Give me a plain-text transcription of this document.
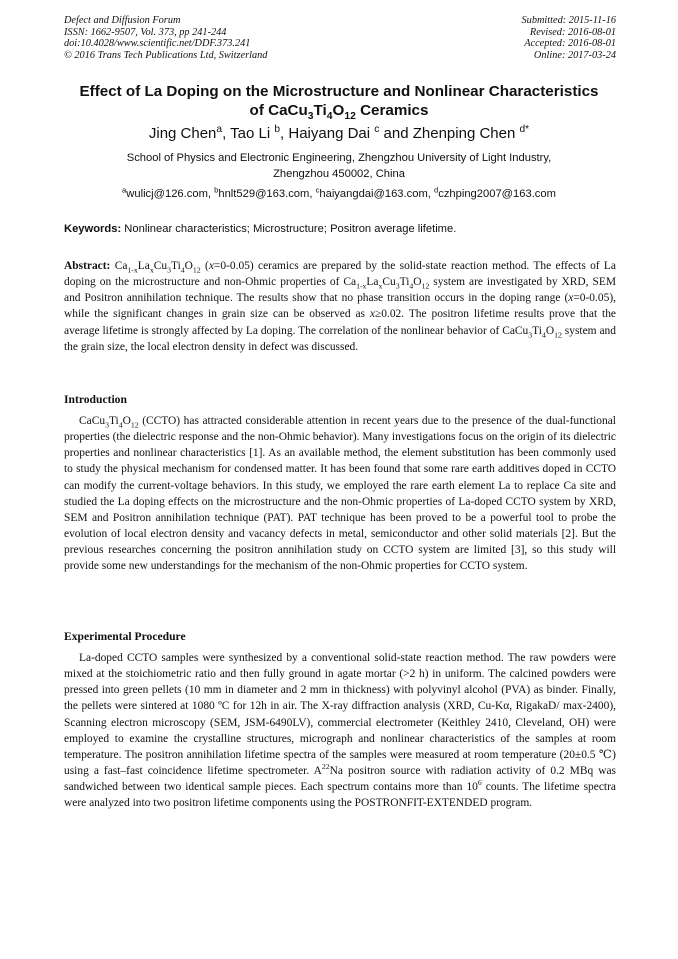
Defect and Diffusion Forum
ISSN: 1662-9507, Vol. 373, pp 241-244
doi:10.4028/www.scientific.net/DDF.373.241
© 2016 Trans Tech Publications Ltd, Switzerland
Submitted: 2015-11-16
Revised: 2016-08-01
Accepted: 2016-08-01
Online: 2017-03-24
Effect of La Doping on the Microstructure and Nonlinear Characteristics
of $CaCu_3Ti_4O_{12}$ Ceramics
Jing Chen$^a$, Tao Li $^b$, Haiyang Dai $^c$ and Zhenping Chen $^{d*}$
School of Physics and Electronic Engineering, Zhengzhou University of Light Industry,
Zhengzhou 450002, China
$^a$wulicj@126.com, $^b$hnlt529@163.com, $^c$haiyangdai@163.com, $^d$czhping2007@163.com
Keywords: Nonlinear characteristics; Microstructure; Positron average lifetime.

Abstract: $Ca_{1-x}La_xCu_3Ti_4O_{12}$ (x=0-0.05) ceramics are prepared by the solid-state reaction method. The effects of La doping on the microstructure and non-Ohmic properties of $Ca_{1-x}La_xCu_3Ti_4O_{12}$ system are investigated by XRD, SEM and Positron annihilation technique. The results show that no phase transition occurs in the doping range (x=0-0.05), while the significant changes in grain size can be observed as x≥0.02. The positron lifetime results prove that the average lifetime is strongly affected by La doping. The correlation of the nonlinear behavior of $CaCu_3Ti_4O_{12}$ system and the grain size, the local electron density in defect was discussed.

Introduction

$CaCu_3Ti_4O_{12}$ (CCTO) has attracted considerable attention in recent years due to the presence of the dual-functional properties (the dielectric response and the non-Ohmic behavior). Many investigations focus on the origin of its dielectric properties and nonlinear characteristics [1]. As an available method, the element substitution has been commonly used to study the physical mechanism for condensed matter. It has been found that some rare earth additives doped in CCTO can modify the current-voltage behaviors. In this study, we employed the rare earth element La to replace Ca site and studied the La doping effects on the microstructure and the non-Ohmic properties of La-doped CCTO system by XRD, SEM and Positron annihilation technique (PAT). PAT technique has been proved to be a powerful tool to probe the evolution of local electron density and vacancy defects in metal, semiconductor and other solid materials [2]. But the previous researches concerning the positron annihilation study on CCTO system are limited [3], so this study will provide some new understandings for the mechanism of the non-Ohmic properties for CCTO system.

Experimental Procedure

La-doped CCTO samples were synthesized by a conventional solid-state reaction method. The raw powders were mixed at the stoichiometric ratio and then fully ground in agate mortar (>2 h) in uniform. The calcined powders were pressed into green pellets (10 mm in diameter and 2 mm in thickness) with polyvinyl alcohol (PVA) as binder. Finally, the pellets were sintered at 1080 ºC for 12h in air. The X-ray diffraction analysis (XRD, Cu-Kα, RigakaD/ max-2400), Scanning electron microscopy (SEM, JSM-6490LV), commercial electrometer (Keithley 2410, Cleveland, OH) were employed to examine the crystalline structures, micrograph and nonlinear characteristics of the samples at room temperature. The positron annihilation lifetime spectra of the samples were measured at room temperature (20±0.5 ℃) using a fast–fast coincidence lifetime spectrometer. $A^{22}Na$ positron source with radiation activity of 0.2 MBq was sandwiched between two identical sample pieces. Each spectrum contains more than $10^6$ counts. The lifetime spectra were analyzed into two positron lifetime components using the POSTRONFIT-EXTENDED program.
